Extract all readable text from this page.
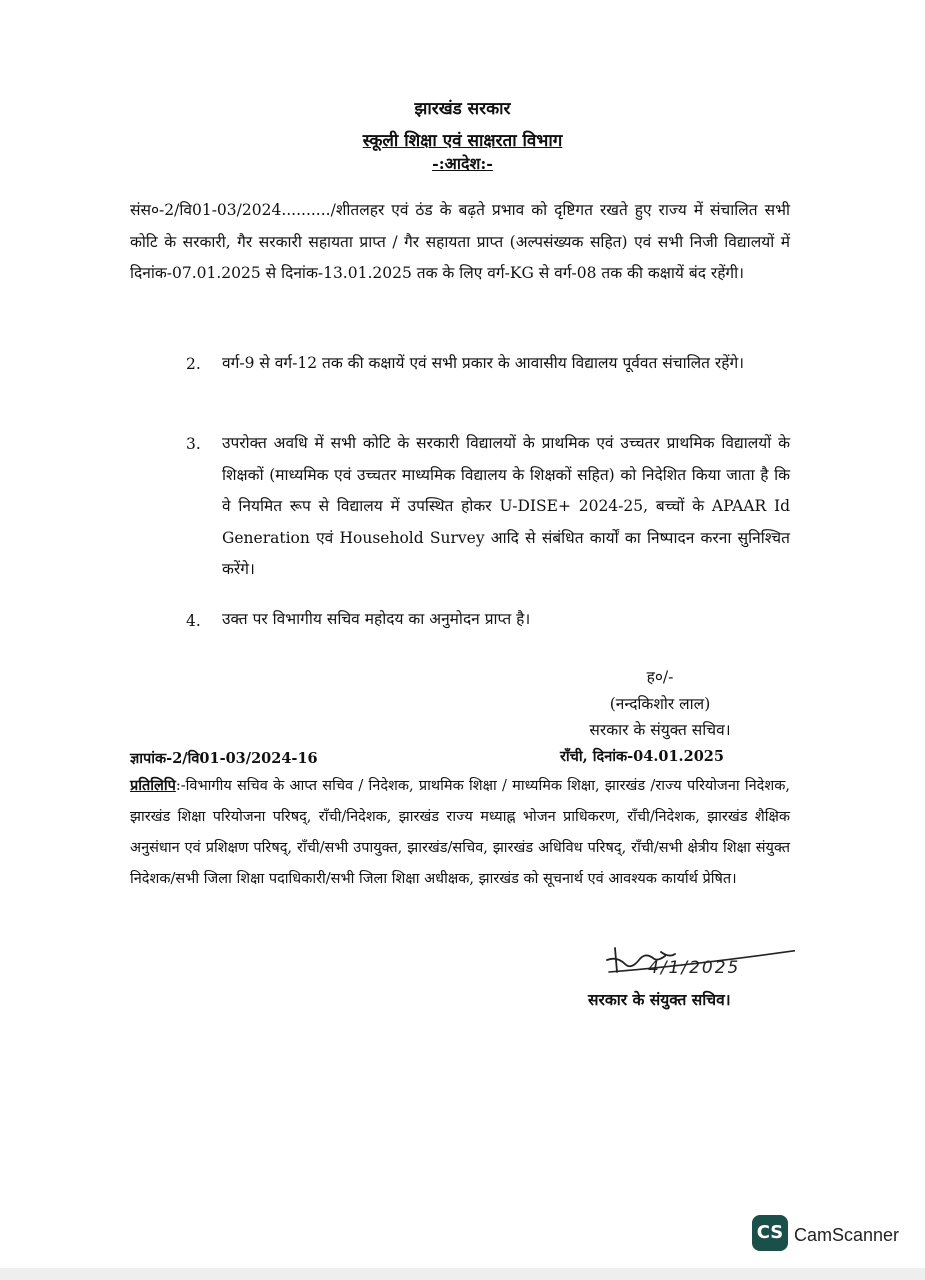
झारखंड सरकार
स्कूली शिक्षा एवं साक्षरता विभाग
-:आदेश:-
संस०-2/वि01-03/2024........../शीतलहर एवं ठंड के बढ़ते प्रभाव को दृष्टिगत रखते हुए राज्य में संचालित सभी कोटि के सरकारी, गैर सरकारी सहायता प्राप्त / गैर सहायता प्राप्त (अल्पसंख्यक सहित) एवं सभी निजी विद्यालयों में दिनांक-07.01.2025 से दिनांक-13.01.2025 तक के लिए वर्ग-KG से वर्ग-08 तक की कक्षायें बंद रहेंगी।
2. वर्ग-9 से वर्ग-12 तक की कक्षायें एवं सभी प्रकार के आवासीय विद्यालय पूर्ववत संचालित रहेंगे।
3. उपरोक्त अवधि में सभी कोटि के सरकारी विद्यालयों के प्राथमिक एवं उच्चतर प्राथमिक विद्यालयों के शिक्षकों (माध्यमिक एवं उच्चतर माध्यमिक विद्यालय के शिक्षकों सहित) को निदेशित किया जाता है कि वे नियमित रूप से विद्यालय में उपस्थित होकर U-DISE+ 2024-25, बच्चों के APAAR Id Generation एवं Household Survey आदि से संबंधित कार्यों का निष्पादन करना सुनिश्चित करेंगे।
4. उक्त पर विभागीय सचिव महोदय का अनुमोदन प्राप्त है।
ह०/-
(नन्दकिशोर लाल)
सरकार के संयुक्त सचिव।
ज्ञापांक-2/वि01-03/2024-16	राँची, दिनांक-04.01.2025
प्रतिलिपि:-विभागीय सचिव के आप्त सचिव / निदेशक, प्राथमिक शिक्षा / माध्यमिक शिक्षा, झारखंड /राज्य परियोजना निदेशक, झारखंड शिक्षा परियोजना परिषद्, राँची/निदेशक, झारखंड राज्य मध्याह्न भोजन प्राधिकरण, राँची/निदेशक, झारखंड शैक्षिक अनुसंधान एवं प्रशिक्षण परिषद्, राँची/सभी उपायुक्त, झारखंड/सचिव, झारखंड अधिविध परिषद्, राँची/सभी क्षेत्रीय शिक्षा संयुक्त निदेशक/सभी जिला शिक्षा पदाधिकारी/सभी जिला शिक्षा अधीक्षक, झारखंड को सूचनार्थ एवं आवश्यक कार्यार्थ प्रेषित।
4/1/2025
सरकार के संयुक्त सचिव।
CS CamScanner
